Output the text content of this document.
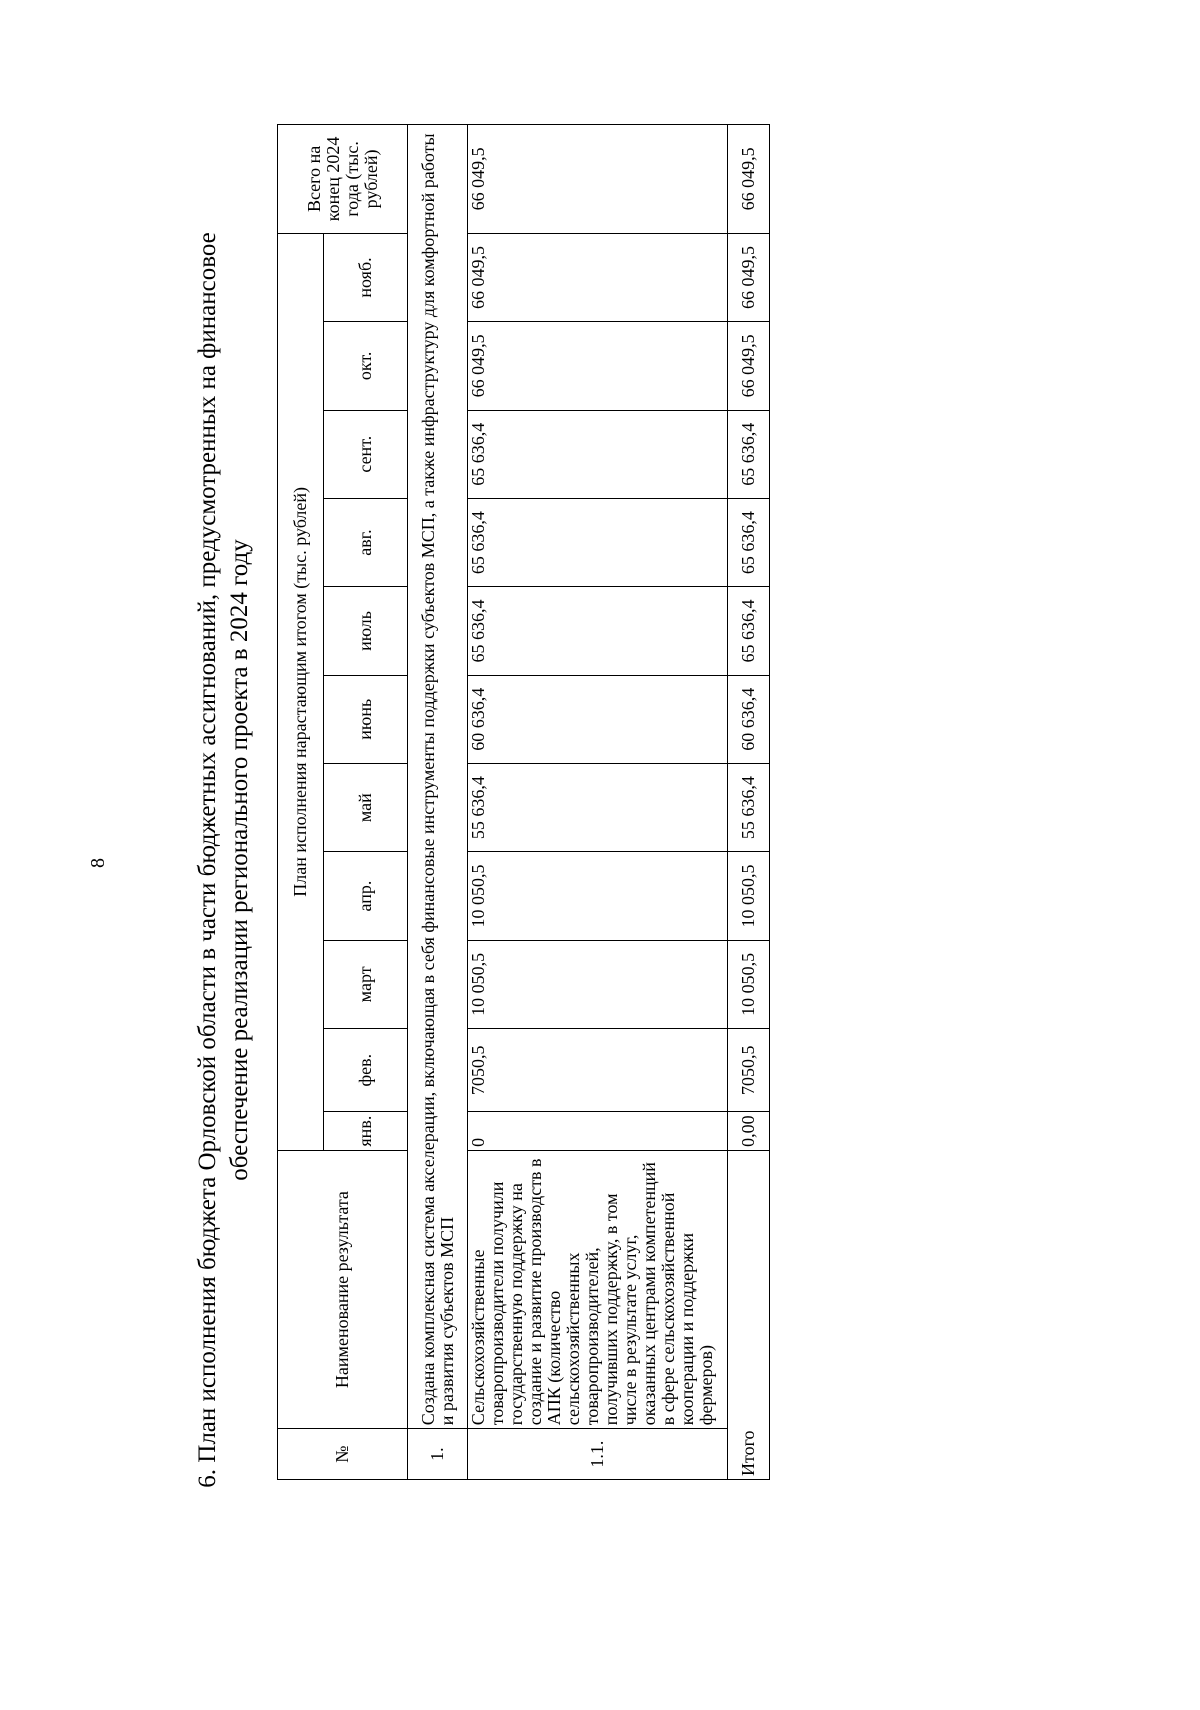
8	6. План исполнения бюджета Орловской области в части бюджетных ассигнований, предусмотренных на финансовое обеспечение реализации регионального проекта в 2024 году
№	Наименование результата	План исполнения нарастающим итогом (тыс. рублей)											Всего на конец 2024 года (тыс. рублей)
		янв.	фев.	март	апр.	май	июнь	июль	авг.	сент.	окт.	нояб.	
1.	Создана комплексная система акселерации, включающая в себя финансовые инструменты поддержки субъектов МСП, а также инфраструктуру для комфортной работы и развития субъектов МСП												
1.1.	Сельскохозяйственные товаропроизводители получили государственную поддержку на создание и развитие производств в АПК (количество сельскохозяйственных товаропроизводителей, получивших поддержку, в том числе в результате услуг, оказанных центрами компетенций в сфере сельскохозяйственной кооперации и поддержки фермеров)	0	7050,5	10 050,5	10 050,5	55 636,4	60 636,4	65 636,4	65 636,4	65 636,4	66 049,5	66 049,5	66 049,5
Итого		0,00	7050,5	10 050,5	10 050,5	55 636,4	60 636,4	65 636,4	65 636,4	65 636,4	66 049,5	66 049,5	66 049,5
